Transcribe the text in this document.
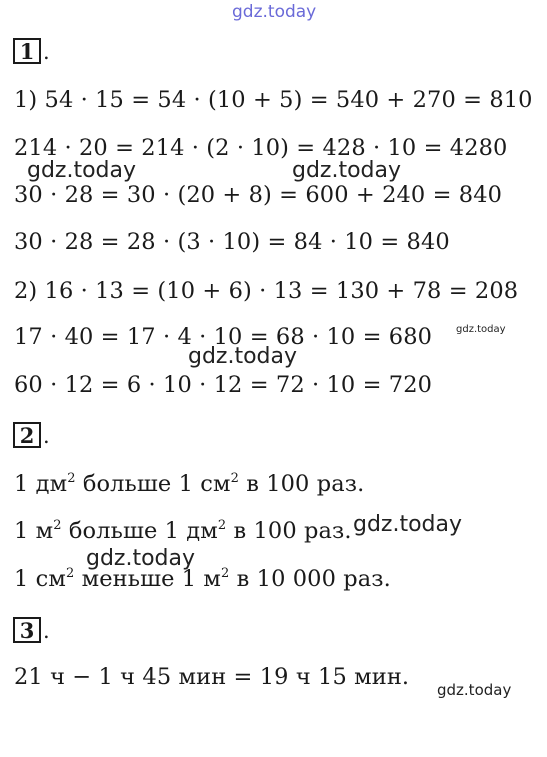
1 .
1) 54 · 15 = 54 · (10 + 5) = 540 + 270 = 810
214 · 20 = 214 · (2 · 10) = 428 · 10 = 4280
30 · 28 = 30 · (20 + 8) = 600 + 240 = 840
30 · 28 = 28 · (3 · 10) = 84 · 10 = 840
2) 16 · 13 = (10 + 6) · 13 = 130 + 78 = 208
17 · 40 = 17 · 4 · 10 = 68 · 10 = 680
60 · 12 = 6 · 10 · 12 = 72 · 10 = 720
2 .
1 $дм^2$ больше 1 $см^2$ в 100 раз.
1 $м^2$ больше 1 $дм^2$ в 100 раз.
1 $см^2$ меньше 1 $м^2$ в 10 000 раз.
3 .
21 ч − 1 ч 45 мин = 19 ч 15 мин.
gdz.today
gdz.today	gdz.today
gdz.today
gdz.today
gdz.today
gdz.today
gdz.today
